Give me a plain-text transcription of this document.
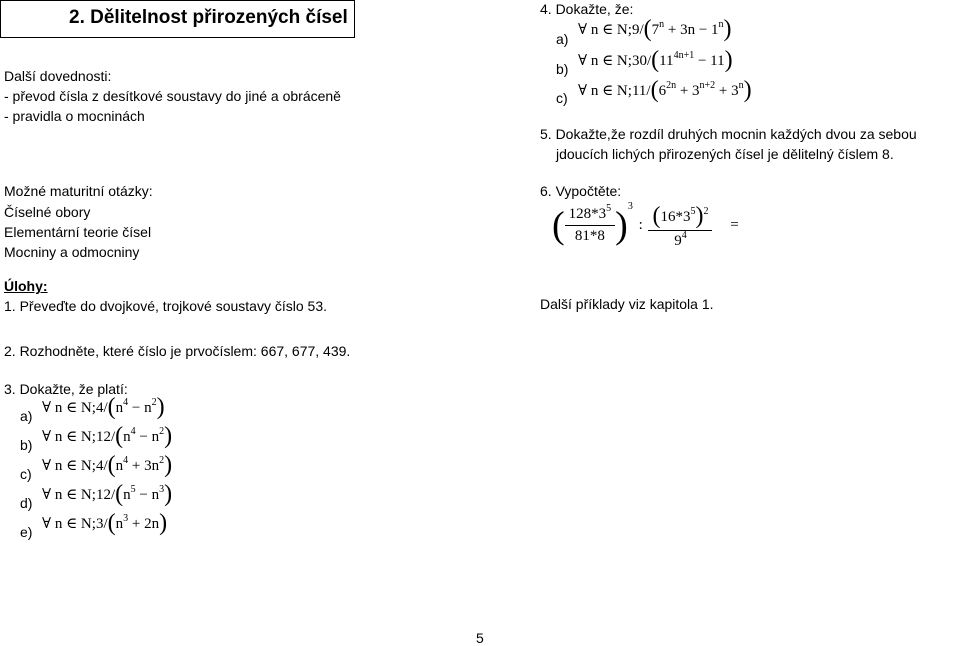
2. Dělitelnost přirozených čísel
Další dovednosti:
- převod čísla z desítkové soustavy do jiné a obráceně
- pravidla o mocninách
Možné maturitní otázky:
Číselné obory
Elementární teorie čísel
Mocniny a odmocniny
Úlohy:
1. Převeďte do dvojkové, trojkové soustavy číslo 53.
2. Rozhodněte, které číslo je prvočíslem: 667, 677, 439.
3. Dokažte, že platí:
a) ∀ n ∈ $N;4/(n^4 - n^2)$
b) ∀ n ∈ $N;12/(n^4 - n^2)$
c) ∀ n ∈ $N;4/(n^4 + 3n^2)$
d) ∀ n ∈ $N;12/(n^5 - n^3)$
e) ∀ n ∈ $N;3/(n^3 + 2n)$
4. Dokažte, že:
a)
∀ n ∈ $N;9/(7^n + 3n - 1^n)$
b) ∀ n ∈ $N;30/(11^{4n+1} - 11)$
c) ∀ n ∈ $N;11/(6^{2n} + 3^{n+2} + 3^n)$
5. Dokažte,že rozdíl druhých mocnin každých dvou za sebou
jdoucích lichých přirozených čísel je dělitelný číslem 8.
6. Vypočtěte:
( $\frac{128*3^5}{81*8} )^3$ : $\frac{(16*3^5)^2}{9^4}$ =
Další příklady viz kapitola 1.
5
